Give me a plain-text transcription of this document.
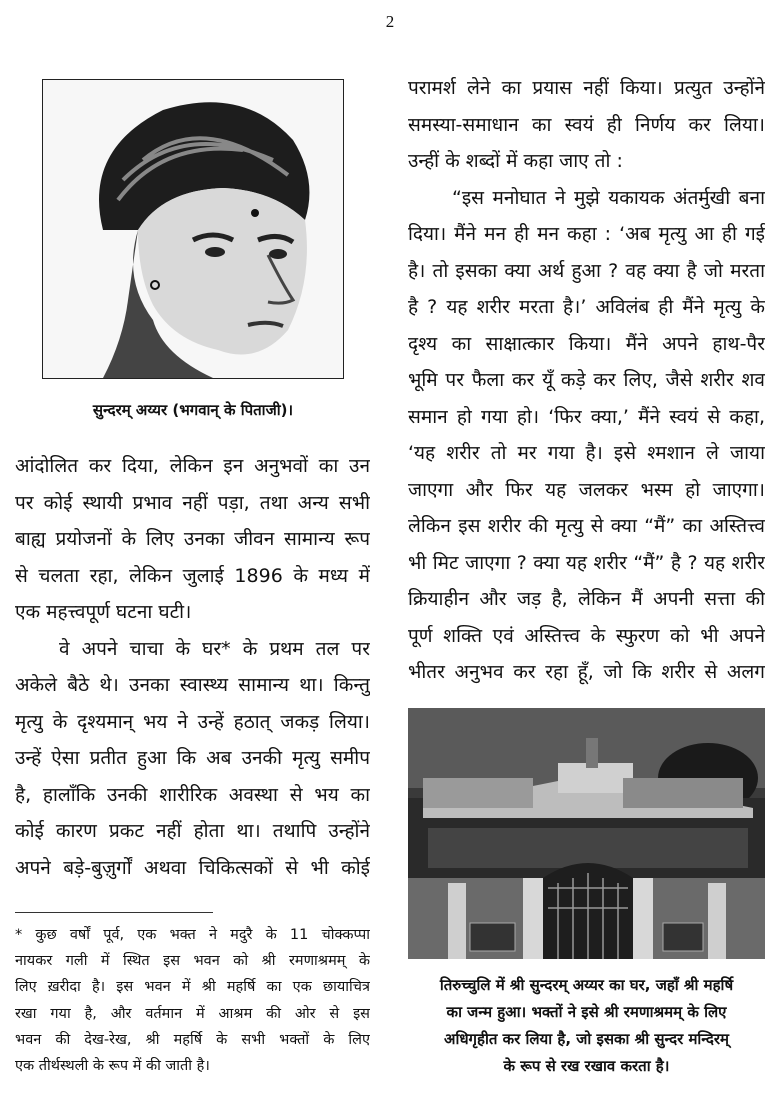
2
सुन्दरम् अय्यर (भगवान् के पिताजी)।
आंदोलित कर दिया, लेकिन इन अनुभवों का उन
पर कोई स्थायी प्रभाव नहीं पड़ा, तथा अन्य सभी
बाह्य प्रयोजनों के लिए उनका जीवन सामान्य रूप
से चलता रहा, लेकिन जुलाई 1896 के मध्य में
एक महत्त्वपूर्ण घटना घटी।
वे अपने चाचा के घर* के प्रथम तल पर
अकेले बैठे थे। उनका स्वास्थ्य सामान्य था। किन्तु
मृत्यु के दृश्यमान् भय ने उन्हें हठात् जकड़ लिया।
उन्हें ऐसा प्रतीत हुआ कि अब उनकी मृत्यु समीप
है, हालाँकि उनकी शारीरिक अवस्था से भय का
कोई कारण प्रकट नहीं होता था। तथापि उन्होंने
अपने बड़े-बुज़ुर्गों अथवा चिकित्सकों से भी कोई
* कुछ वर्षों पूर्व, एक भक्त ने मदुरै के 11 चोक्कप्पा
नायकर गली में स्थित इस भवन को श्री रमणाश्रमम् के
लिए ख़रीदा है। इस भवन में श्री महर्षि का एक छायाचित्र
रखा गया है, और वर्तमान में आश्रम की ओर से इस
भवन की देख-रेख, श्री महर्षि के सभी भक्तों के लिए
एक तीर्थस्थली के रूप में की जाती है।
परामर्श लेने का प्रयास नहीं किया। प्रत्युत उन्होंने
समस्या-समाधान का स्वयं ही निर्णय कर लिया।
उन्हीं के शब्दों में कहा जाए तो :
“इस मनोघात ने मुझे यकायक अंतर्मुखी बना
दिया। मैंने मन ही मन कहा : ‘अब मृत्यु आ ही गई
है। तो इसका क्या अर्थ हुआ ? वह क्या है जो मरता
है ? यह शरीर मरता है।’ अविलंब ही मैंने मृत्यु के
दृश्य का साक्षात्कार किया। मैंने अपने हाथ-पैर
भूमि पर फैला कर यूँ कड़े कर लिए, जैसे शरीर शव
समान हो गया हो। ‘फिर क्या,’ मैंने स्वयं से कहा,
‘यह शरीर तो मर गया है। इसे श्मशान ले जाया
जाएगा और फिर यह जलकर भस्म हो जाएगा।
लेकिन इस शरीर की मृत्यु से क्या “मैं” का अस्तित्त्व
भी मिट जाएगा ? क्या यह शरीर “मैं” है ? यह शरीर
क्रियाहीन और जड़ है, लेकिन मैं अपनी सत्ता की
पूर्ण शक्ति एवं अस्तित्त्व के स्फुरण को भी अपने
भीतर अनुभव कर रहा हूँ, जो कि शरीर से अलग
तिरुच्चुलि में श्री सुन्दरम् अय्यर का घर, जहाँ श्री महर्षि
का जन्म हुआ। भक्तों ने इसे श्री रमणाश्रमम् के लिए
अधिगृहीत कर लिया है, जो इसका श्री सुन्दर मन्दिरम्
के रूप से रख रखाव करता है।
